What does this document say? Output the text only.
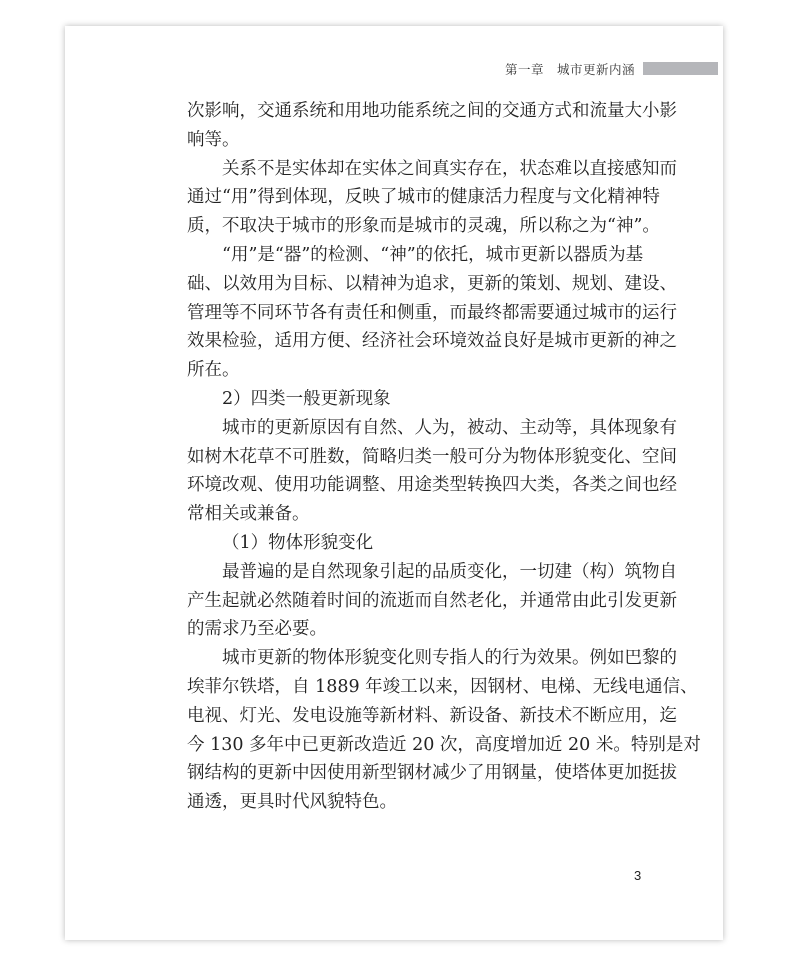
第一章　 城市更新内涵
次影响，交通系统和用地功能系统之间的交通方式和流量大小影
响等。
关系不是实体却在实体之间真实存在，状态难以直接感知而
通过“用”得到体现，反映了城市的健康活力程度与文化精神特
质，不取决于城市的形象而是城市的灵魂，所以称之为“神”。
“用”是“器”的检测、“神”的依托，城市更新以器质为基
础、以效用为目标、以精神为追求，更新的策划、规划、建设、
管理等不同环节各有责任和侧重，而最终都需要通过城市的运行
效果检验，适用方便、经济社会环境效益良好是城市更新的神之
所在。
2）四类一般更新现象
城市的更新原因有自然、人为，被动、主动等，具体现象有
如树木花草不可胜数，简略归类一般可分为物体形貌变化、空间
环境改观、使用功能调整、用途类型转换四大类，各类之间也经
常相关或兼备。
（1）物体形貌变化
最普遍的是自然现象引起的品质变化，一切建（构）筑物自
产生起就必然随着时间的流逝而自然老化，并通常由此引发更新
的需求乃至必要。
城市更新的物体形貌变化则专指人的行为效果。例如巴黎的
埃菲尔铁塔，自 1889 年竣工以来，因钢材、电梯、无线电通信、
电视、灯光、发电设施等新材料、新设备、新技术不断应用，迄
今 130 多年中已更新改造近 20 次，高度增加近 20 米。特别是对
钢结构的更新中因使用新型钢材减少了用钢量，使塔体更加挺拔
通透，更具时代风貌特色。
3
